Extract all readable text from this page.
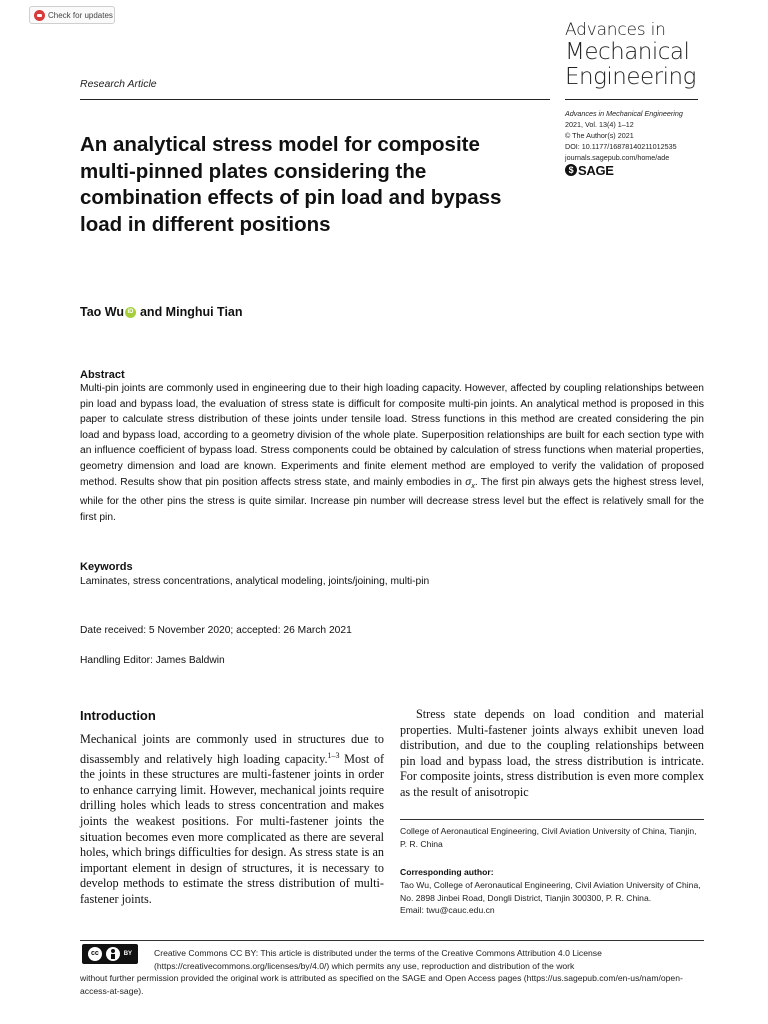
Check for updates
Advances in
Mechanical
Engineering
Research Article
Advances in Mechanical Engineering
2021, Vol. 13(4) 1–12
© The Author(s) 2021
DOI: 10.1177/16878140211012535
journals.sagepub.com/home/ade
$ SAGE
An analytical stress model for composite multi-pinned plates considering the combination effects of pin load and bypass load in different positions
Tao Wu iD and Minghui Tian
Abstract

Multi-pin joints are commonly used in engineering due to their high loading capacity. However, affected by coupling relationships between pin load and bypass load, the evaluation of stress state is difficult for composite multi-pin joints. An analytical method is proposed in this paper to calculate stress distribution of these joints under tensile load. Stress functions in this method are created considering the pin load and bypass load, according to a geometry division of the whole plate. Superposition relationships are built for each section type with an influence coefficient of bypass load. Stress components could be obtained by calculation of stress functions when material properties, geometry dimension and load are known. Experiments and finite element method are employed to verify the validation of proposed method. Results show that pin position affects stress state, and mainly embodies in $\sigma_x$. The first pin always gets the highest stress level, while for the other pins the stress is quite similar. Increase pin number will decrease stress level but the effect is relatively small for the first pin.

Keywords
Laminates, stress concentrations, analytical modeling, joints/joining, multi-pin
Date received: 5 November 2020; accepted: 26 March 2021
Handling Editor: James Baldwin
Introduction

Mechanical joints are commonly used in structures due to disassembly and relatively high loading capacity.$^{1-3}$ Most of the joints in these structures are multi-fastener joints in order to enhance carrying limit. However, mechanical joints require drilling holes which leads to stress concentration and makes joints the weakest positions. For multi-fastener joints the situation becomes even more complicated as there are several holes, which brings difficulties for design. As stress state is an important element in design of structures, it is necessary to develop methods to estimate the stress distribution of multi-fastener joints.

Stress state depends on load condition and material properties. Multi-fastener joints always exhibit uneven load distribution, and due to the coupling relationships between pin load and bypass load, the stress distribution is intricate. For composite joints, stress distribution is even more complex as the result of anisotropic

College of Aeronautical Engineering, Civil Aviation University of China, Tianjin, P. R. China
Corresponding author:
Tao Wu, College of Aeronautical Engineering, Civil Aviation University of China, No. 2898 Jinbei Road, Dongli District, Tianjin 300300, P. R. China.
Email: twu@cauc.edu.cn
cc	BY	Creative Commons CC BY: This article is distributed under the terms of the Creative Commons Attribution 4.0 License (https://creativecommons.org/licenses/by/4.0/) which permits any use, reproduction and distribution of the work
without further permission provided the original work is attributed as specified on the SAGE and Open Access pages (https://us.sagepub.com/en-us/nam/open-access-at-sage).
